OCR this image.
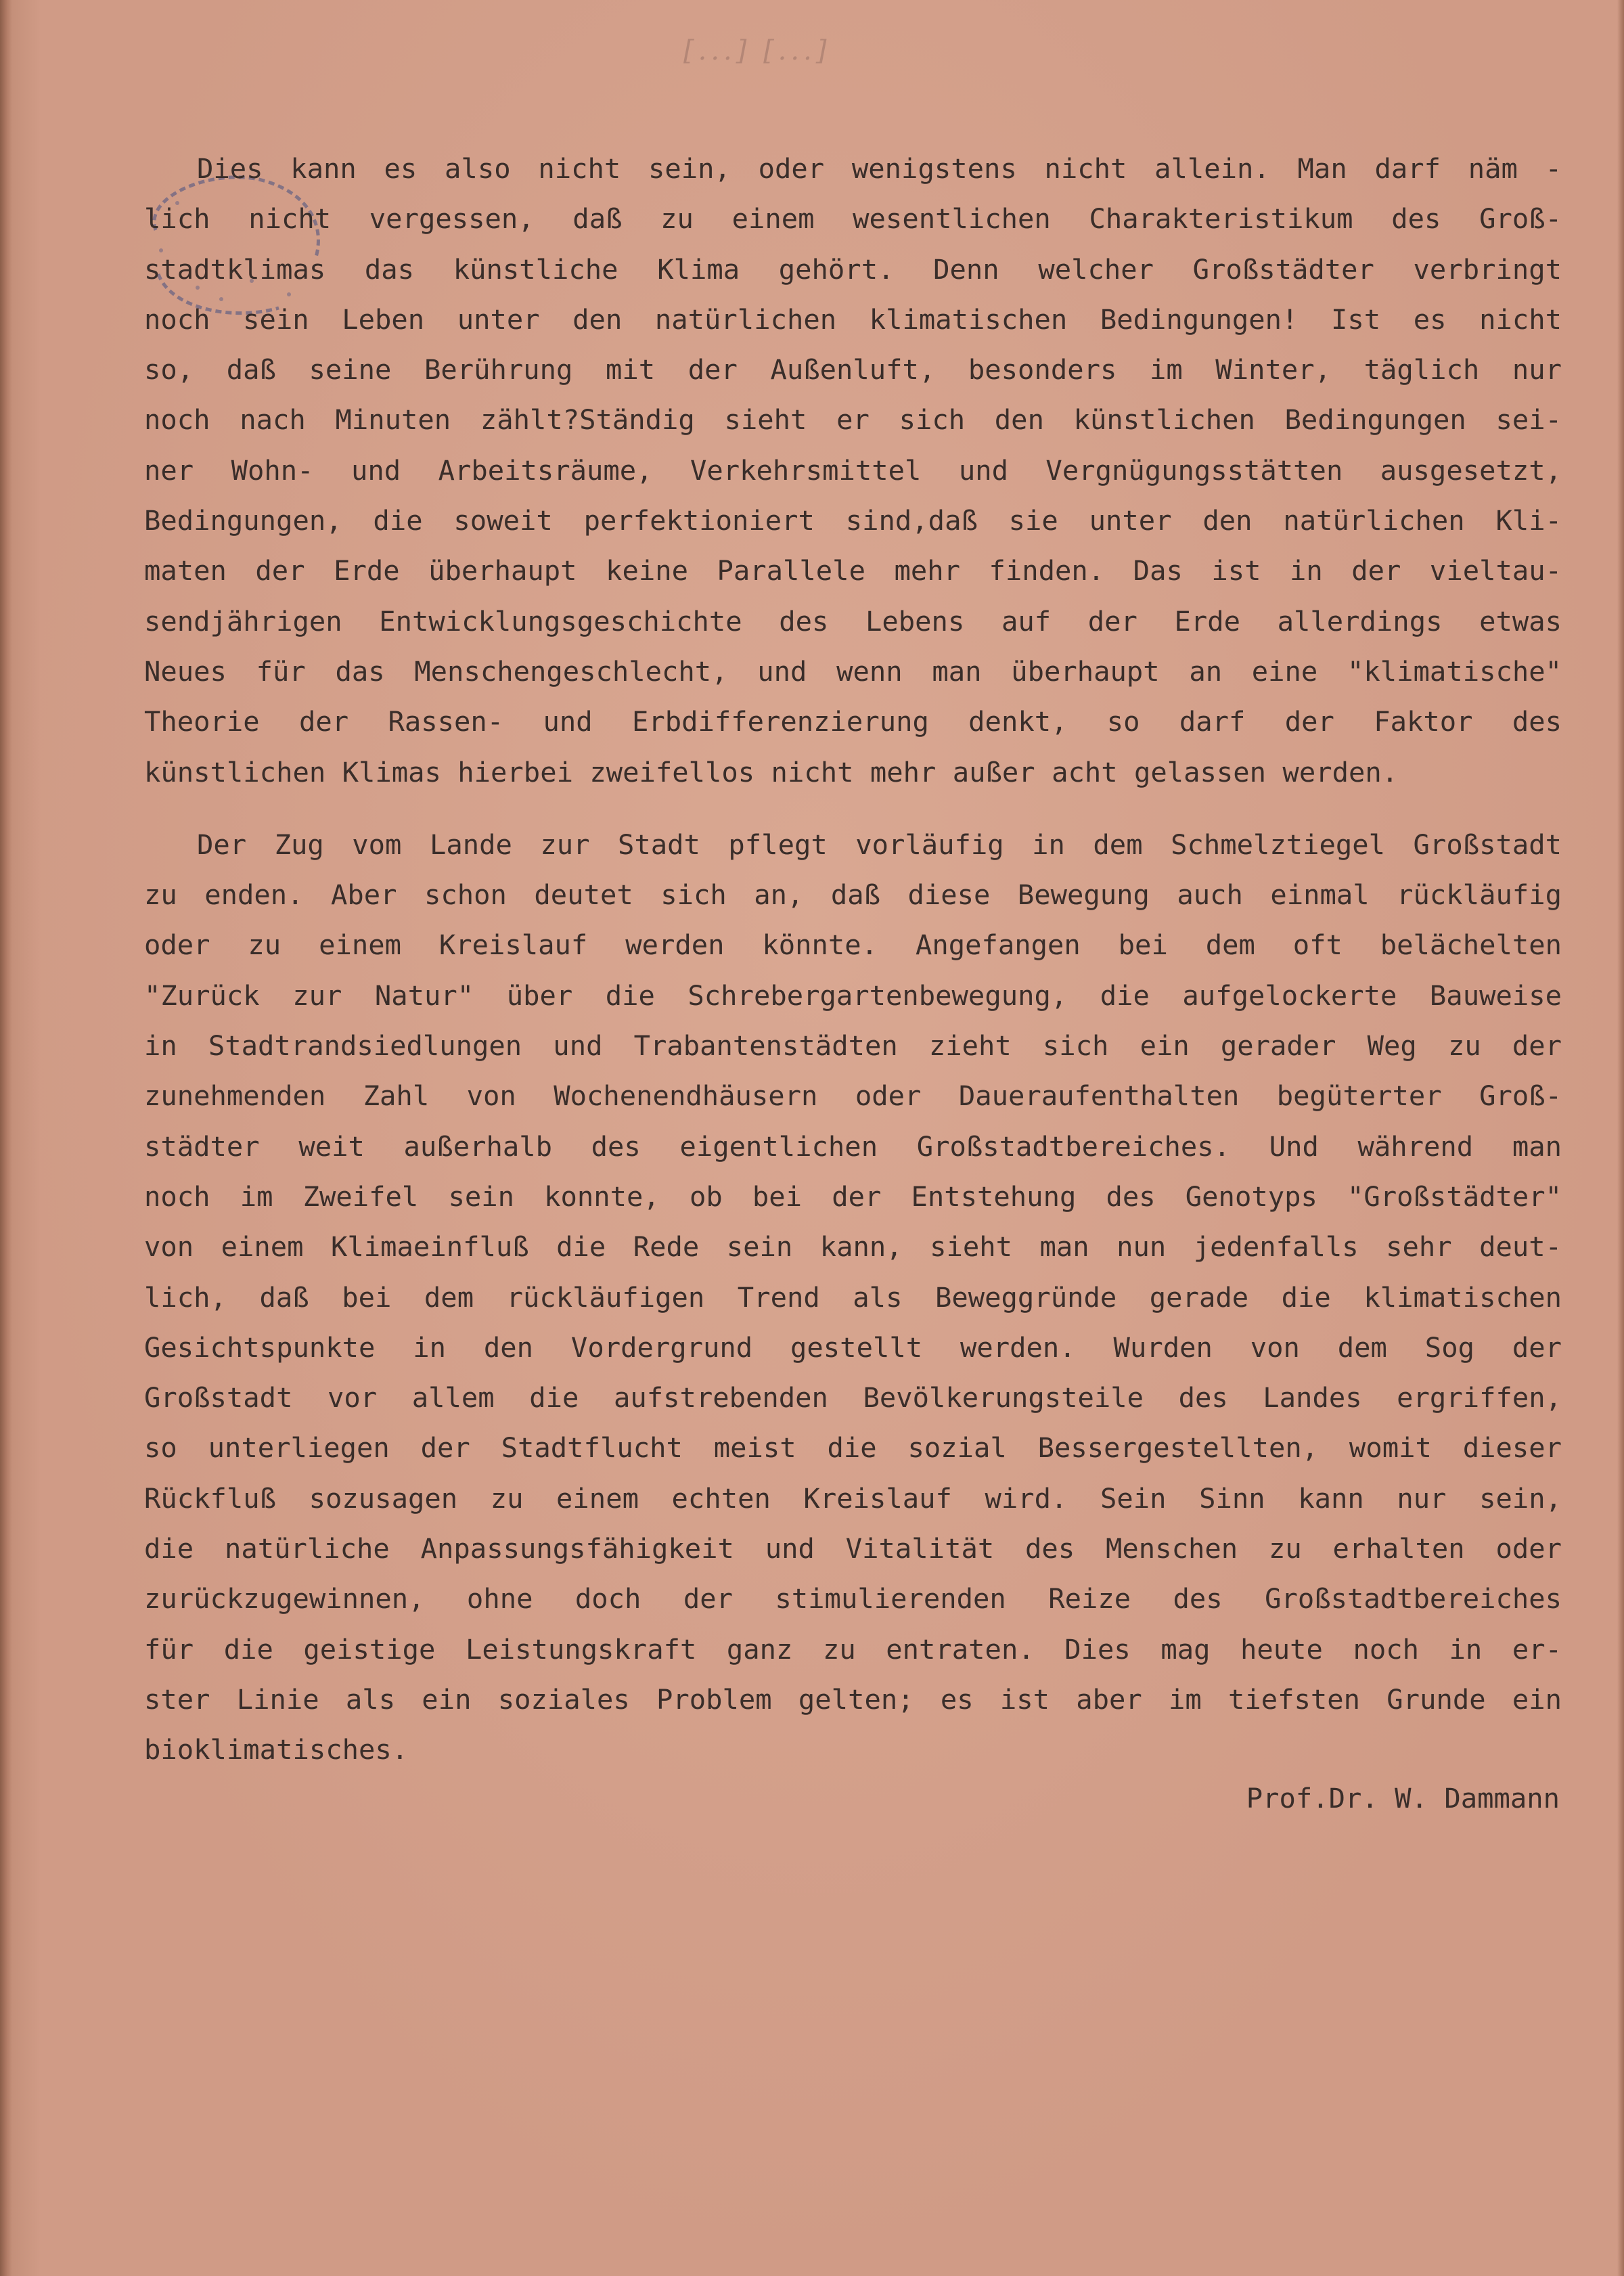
[...] [...]
Dies kann es also nicht sein, oder wenigstens nicht allein. Man darf näm -
lich nicht vergessen, daß zu einem wesentlichen Charakteristikum des Groß-
stadtklimas das künstliche Klima gehört. Denn welcher Großstädter verbringt
noch sein Leben unter den natürlichen klimatischen Bedingungen! Ist es nicht
so, daß seine Berührung mit der Außenluft, besonders im Winter, täglich nur
noch nach Minuten zählt?Ständig sieht er sich den künstlichen Bedingungen sei-
ner Wohn- und Arbeitsräume, Verkehrsmittel und Vergnügungsstätten ausgesetzt,
Bedingungen, die soweit perfektioniert sind,daß sie unter den natürlichen Kli-
maten der Erde überhaupt keine Parallele mehr finden. Das ist in der vieltau-
sendjährigen Entwicklungsgeschichte des Lebens auf der Erde allerdings etwas
Neues für das Menschengeschlecht, und wenn man überhaupt an eine "klimatische"
Theorie der Rassen- und Erbdifferenzierung denkt, so darf der Faktor des
künstlichen Klimas hierbei zweifellos nicht mehr außer acht gelassen werden.
Der Zug vom Lande zur Stadt pflegt vorläufig in dem Schmelztiegel Großstadt
zu enden. Aber schon deutet sich an, daß diese Bewegung auch einmal rückläufig
oder zu einem Kreislauf werden könnte. Angefangen bei dem oft belächelten
"Zurück zur Natur" über die Schrebergartenbewegung, die aufgelockerte Bauweise
in Stadtrandsiedlungen und Trabantenstädten zieht sich ein gerader Weg zu der
zunehmenden Zahl von Wochenendhäusern oder Daueraufenthalten begüterter Groß-
städter weit außerhalb des eigentlichen Großstadtbereiches. Und während man
noch im Zweifel sein konnte, ob bei der Entstehung des Genotyps "Großstädter"
von einem Klimaeinfluß die Rede sein kann, sieht man nun jedenfalls sehr deut-
lich, daß bei dem rückläufigen Trend als Beweggründe gerade die klimatischen
Gesichtspunkte in den Vordergrund gestellt werden. Wurden von dem Sog der
Großstadt vor allem die aufstrebenden Bevölkerungsteile des Landes ergriffen,
so unterliegen der Stadtflucht meist die sozial Bessergestellten, womit dieser
Rückfluß sozusagen zu einem echten Kreislauf wird. Sein Sinn kann nur sein,
die natürliche Anpassungsfähigkeit und Vitalität des Menschen zu erhalten oder
zurückzugewinnen, ohne doch der stimulierenden Reize des Großstadtbereiches
für die geistige Leistungskraft ganz zu entraten. Dies mag heute noch in er-
ster Linie als ein soziales Problem gelten; es ist aber im tiefsten Grunde ein
bioklimatisches.
Prof.Dr. W. Dammann
